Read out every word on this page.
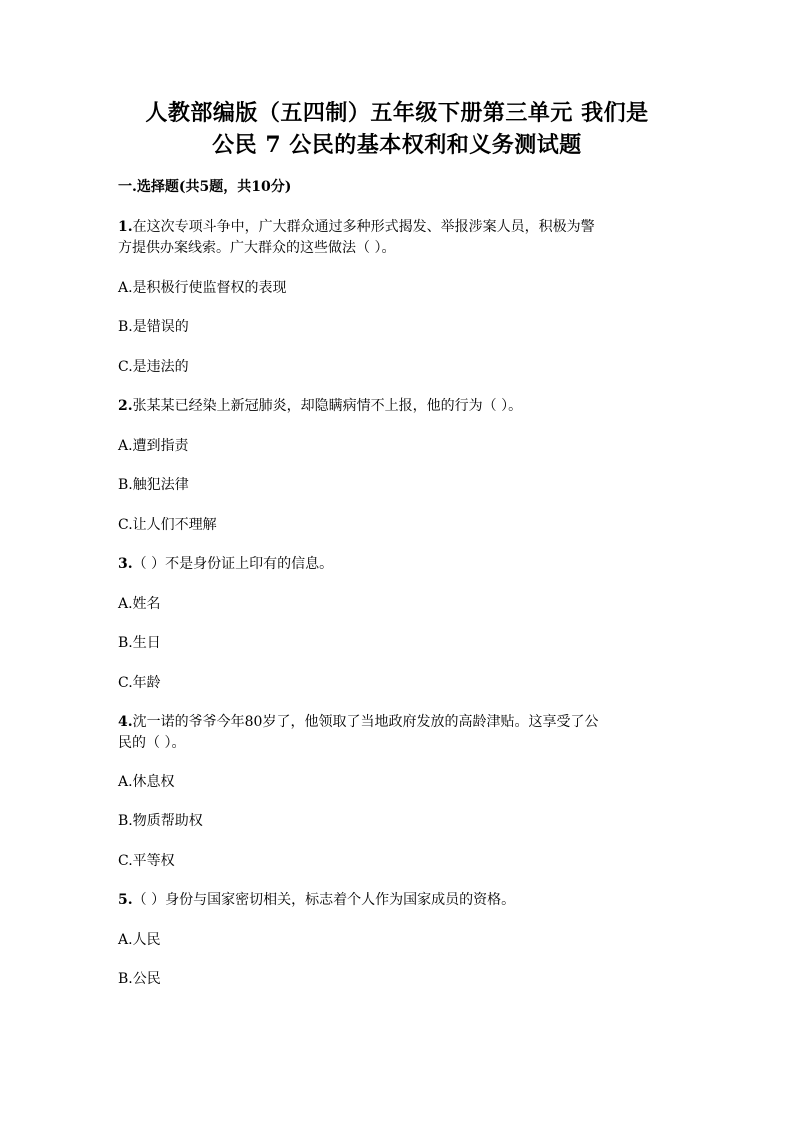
人教部编版（五四制）五年级下册第三单元 我们是
公民 7 公民的基本权利和义务测试题
一.选择题(共5题，共10分)
1.在这次专项斗争中，广大群众通过多种形式揭发、举报涉案人员，积极为警
方提供办案线索。广大群众的这些做法（ ）。
A.是积极行使监督权的表现
B.是错误的
C.是违法的
2.张某某已经染上新冠肺炎，却隐瞒病情不上报，他的行为（ ）。
A.遭到指责
B.触犯法律
C.让人们不理解
3.（ ）不是身份证上印有的信息。
A.姓名
B.生日
C.年龄
4.沈一诺的爷爷今年80岁了，他领取了当地政府发放的高龄津贴。这享受了公
民的（ ）。
A.休息权
B.物质帮助权
C.平等权
5.（ ）身份与国家密切相关，标志着个人作为国家成员的资格。
A.人民
B.公民
